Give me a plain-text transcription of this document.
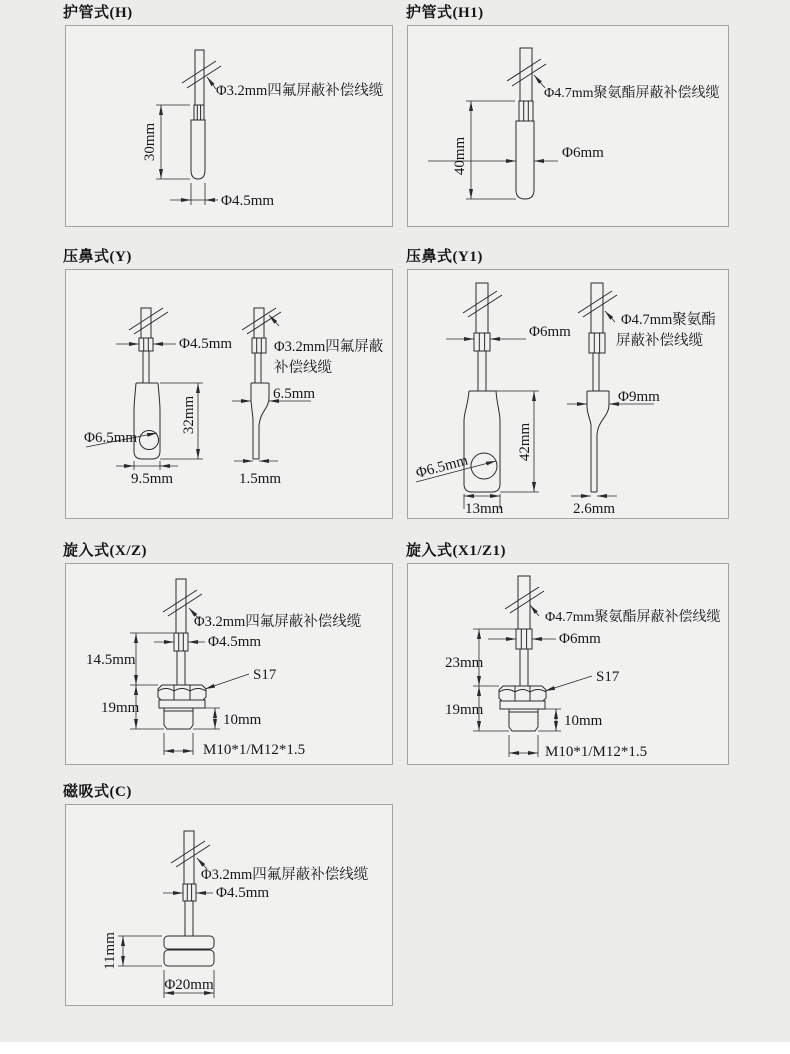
护管式(H)
Φ3.2mm四氟屏蔽补偿线缆
30mm
Φ4.5mm
护管式(H1)
Φ4.7mm聚氨酯屏蔽补偿线缆
40mm	Φ6mm
压鼻式(Y)
Φ4.5mm	Φ3.2mm四氟屏蔽
补偿线缆
32mm
Φ6.5mm
9.5mm
6.5mm
1.5mm
压鼻式(Y1)
Φ6mm
Φ4.7mm聚氨酯
屏蔽补偿线缆
42mm
Φ6.5mm
13mm
Φ9mm
2.6mm
旋入式(X/Z)
Φ3.2mm四氟屏蔽补偿线缆
Φ4.5mm
14.5mm
S17
19mm
10mm
M10*1/M12*1.5
旋入式(X1/Z1)
Φ4.7mm聚氨酯屏蔽补偿线缆
Φ6mm
23mm
S17
19mm
10mm
M10*1/M12*1.5
磁吸式(C)
Φ3.2mm四氟屏蔽补偿线缆
Φ4.5mm
11mm
Φ20mm
